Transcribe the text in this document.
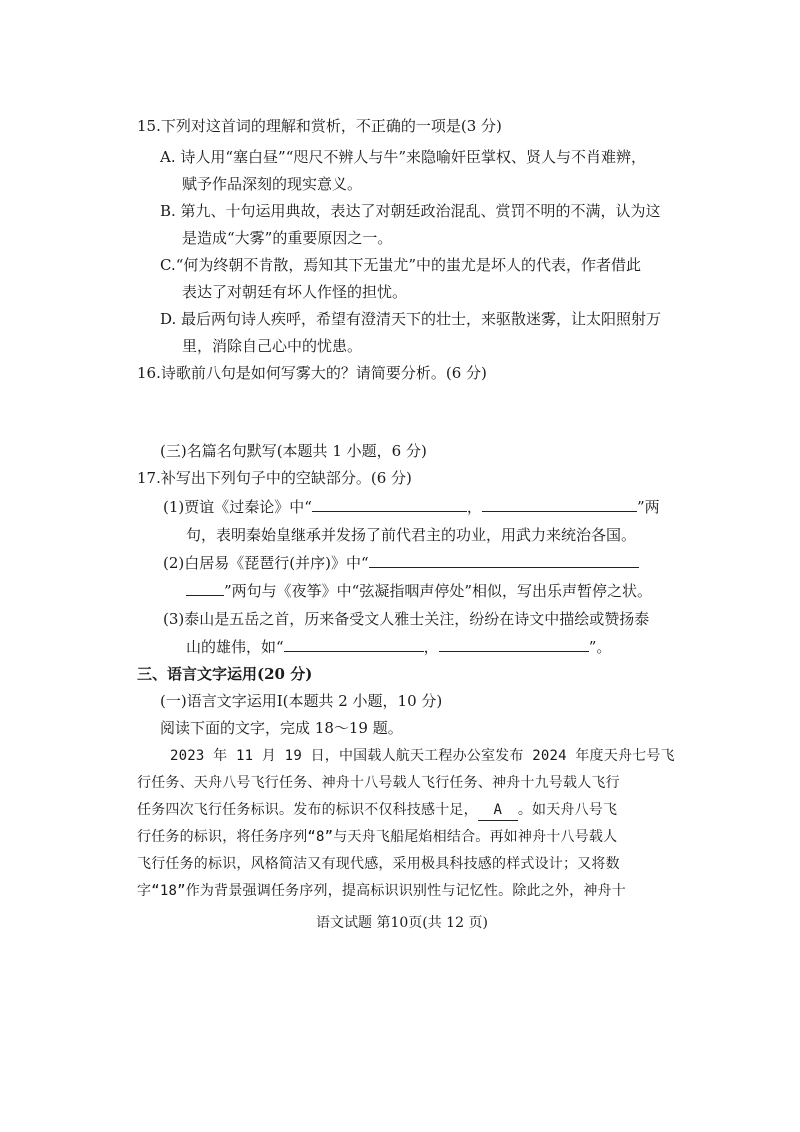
15.下列对这首词的理解和赏析，不正确的一项是(3 分)
A. 诗人用“塞白昼”“咫尺不辨人与牛”来隐喻奸臣掌权、贤人与不肖难辨，
赋予作品深刻的现实意义。
B. 第九、十句运用典故，表达了对朝廷政治混乱、赏罚不明的不满，认为这
是造成“大雾”的重要原因之一。
C.“何为终朝不肯散，焉知其下无蚩尤”中的蚩尤是坏人的代表，作者借此
表达了对朝廷有坏人作怪的担忧。
D. 最后两句诗人疾呼，希望有澄清天下的壮士，来驱散迷雾，让太阳照射万
里，消除自己心中的忧患。
16.诗歌前八句是如何写雾大的？请简要分析。(6 分)
(三)名篇名句默写(本题共 1 小题，6 分)
17.补写出下列句子中的空缺部分。(6 分)
(1)贾谊《过秦论》中“	，	”两
句，表明秦始皇继承并发扬了前代君主的功业，用武力来统治各国。
(2)白居易《琵琶行(并序)》中“
”两句与《夜筝》中“弦凝指咽声停处”相似，写出乐声暂停之状。
(3)泰山是五岳之首，历来备受文人雅士关注，纷纷在诗文中描绘或赞扬泰
山的雄伟，如“	，	”。
三、语言文字运用(20 分)
(一)语言文字运用Ⅰ(本题共 2 小题，10 分)
阅读下面的文字，完成 18～19 题。
2023 年 11 月 19 日，中国载人航天工程办公室发布 2024 年度天舟七号飞
行任务、天舟八号飞行任务、神舟十八号载人飞行任务、神舟十九号载人飞行
任务四次飞行任务标识。发布的标识不仅科技感十足， A 。如天舟八号飞
行任务的标识，将任务序列“8”与天舟飞船尾焰相结合。再如神舟十八号载人
飞行任务的标识，风格简洁又有现代感，采用极具科技感的样式设计；又将数
字“18”作为背景强调任务序列，提高标识识别性与记忆性。除此之外，神舟十
语文试题 第10页(共 12 页)
